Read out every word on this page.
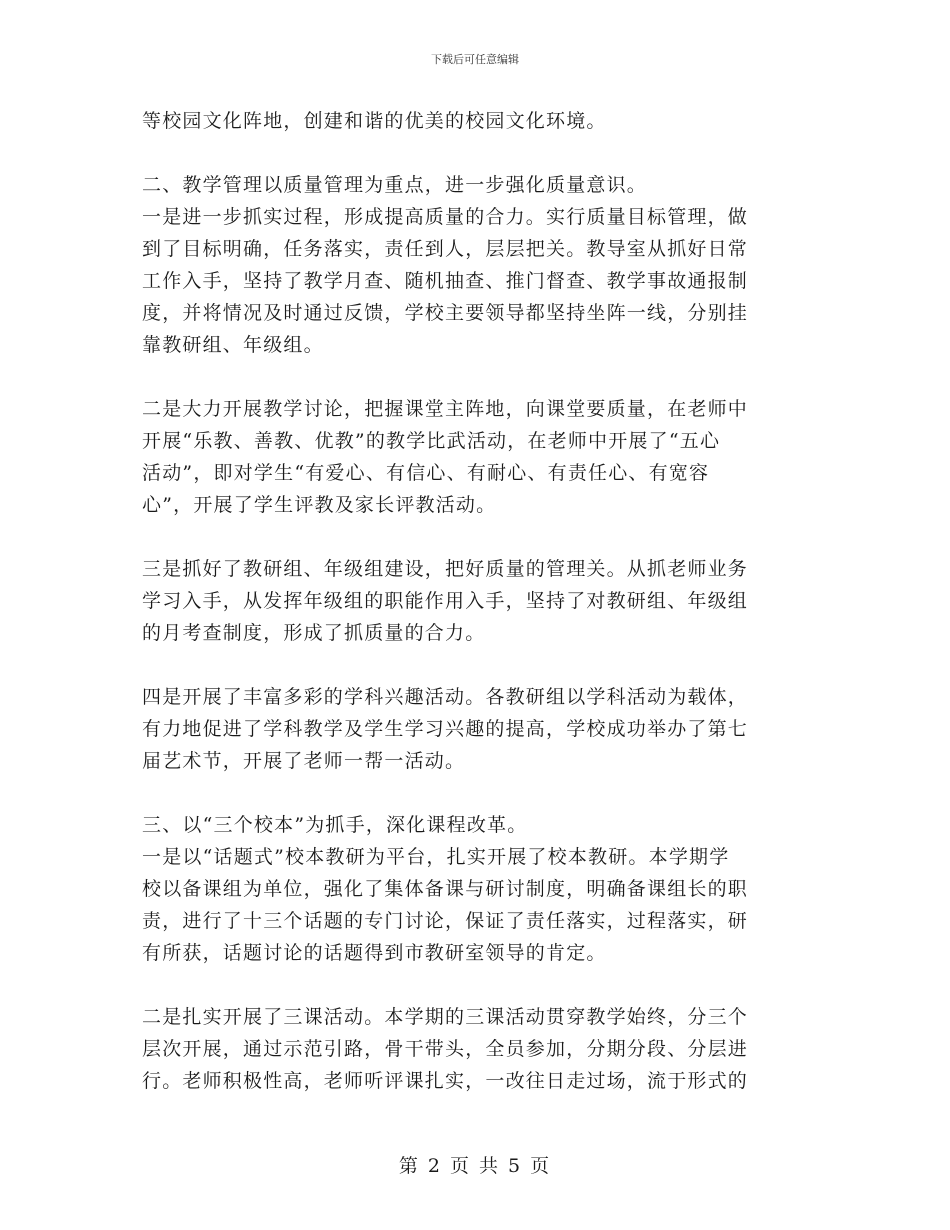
下载后可任意编辑
等校园文化阵地，创建和谐的优美的校园文化环境。
二、教学管理以质量管理为重点，进一步强化质量意识。
一是进一步抓实过程，形成提高质量的合力。实行质量目标管理，做
到了目标明确，任务落实，责任到人，层层把关。教导室从抓好日常
工作入手，坚持了教学月查、随机抽查、推门督查、教学事故通报制
度，并将情况及时通过反馈，学校主要领导都坚持坐阵一线，分别挂
靠教研组、年级组。
二是大力开展教学讨论，把握课堂主阵地，向课堂要质量，在老师中
开展“乐教、善教、优教”的教学比武活动，在老师中开展了“五心
活动”，即对学生“有爱心、有信心、有耐心、有责任心、有宽容
心”，开展了学生评教及家长评教活动。
三是抓好了教研组、年级组建设，把好质量的管理关。从抓老师业务
学习入手，从发挥年级组的职能作用入手，坚持了对教研组、年级组
的月考查制度，形成了抓质量的合力。
四是开展了丰富多彩的学科兴趣活动。各教研组以学科活动为载体，
有力地促进了学科教学及学生学习兴趣的提高，学校成功举办了第七
届艺术节，开展了老师一帮一活动。
三、以“三个校本”为抓手，深化课程改革。
一是以“话题式”校本教研为平台，扎实开展了校本教研。本学期学
校以备课组为单位，强化了集体备课与研讨制度，明确备课组长的职
责，进行了十三个话题的专门讨论，保证了责任落实，过程落实，研
有所获，话题讨论的话题得到市教研室领导的肯定。
二是扎实开展了三课活动。本学期的三课活动贯穿教学始终，分三个
层次开展，通过示范引路，骨干带头，全员参加，分期分段、分层进
行。老师积极性高，老师听评课扎实，一改往日走过场，流于形式的
第 2 页 共 5 页
